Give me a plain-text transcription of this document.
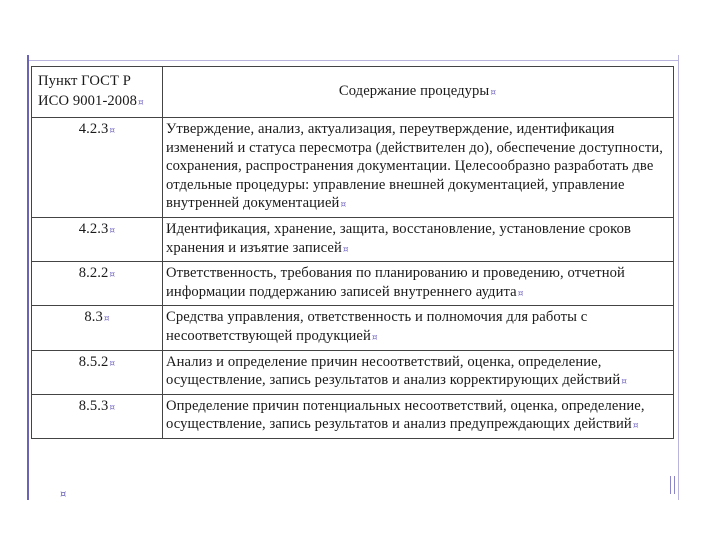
Пункт ГОСТ Р
ИСО 9001-2008¤	Содержание процедуры¤
4.2.3¤	Утверждение, анализ, актуализация, переутверждение, идентификация изменений и статуса пересмотра (действителен до), обеспечение доступности, сохранения, распространения документации. Целесообразно разработать две отдельные процедуры: управление внешней документацией, управление внутренней документацией¤
4.2.3¤	Идентификация, хранение, защита, восстановление, установление сроков хранения и изъятие записей¤
8.2.2¤	Ответственность, требования по планированию и проведению, отчетной информации поддержанию записей внутреннего аудита¤
8.3¤	Средства управления, ответственность и полномочия для работы с несоответствующей продукцией¤
8.5.2¤	Анализ и определение причин несоответствий, оценка, определение, осуществление, запись результатов и анализ корректирующих действий¤
8.5.3¤	Определение причин потенциальных несоответствий, оценка, определение, осуществление, запись результатов и анализ предупреждающих действий¤
¤
